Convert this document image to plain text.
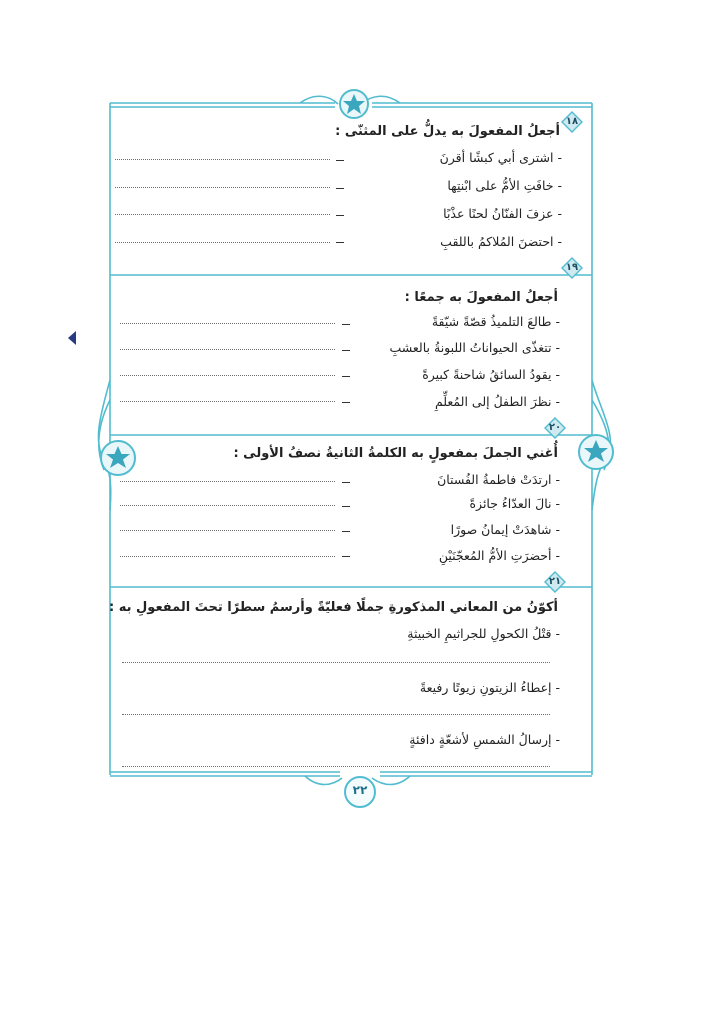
١٨
١٩
٢٠
٢١
أجعلُ المفعولَ به يدلُّ على المثنّى :
- اشترى أبي كبشًا أقرنَ
- خافَتِ الأمُّ على ابْنتِها
- عزفَ الفنّانُ لحنًا عذْبًا
- احتضنَ المُلاكمُ باللقبِ
أجعلُ المفعولَ به جمعًا :
- طالعَ التلميذُ قصّةً شيّقةً
- تتغذّى الحيواناتُ اللبونةُ بالعشبِ
- يقودُ السائقُ شاحنةً كبيرةً
- نظرَ الطفلُ إلى المُعلِّمِ
أُغني الجملَ بمفعولٍ به الكلمةُ الثانيةُ نصفُ الأولى :
- ارتدَتْ فاطمةُ الفُستانَ
- نالَ العدّاءُ جائزةً
- شاهدَتْ إيمانُ صورًا
- أحضرَتِ الأمُّ المُعجّنَيْنِ
أكوّنُ من المعاني المذكورةِ جملًا فعليّةً وأرسمُ سطرًا تحتَ المفعولِ به :
- قتْلُ الكحولِ للجراثيمِ الخبيثةِ
- إعطاءُ الزيتونِ زيوتًا رفيعةً
- إرسالُ الشمسِ لأشعّةٍ دافئةٍ
٢٢
